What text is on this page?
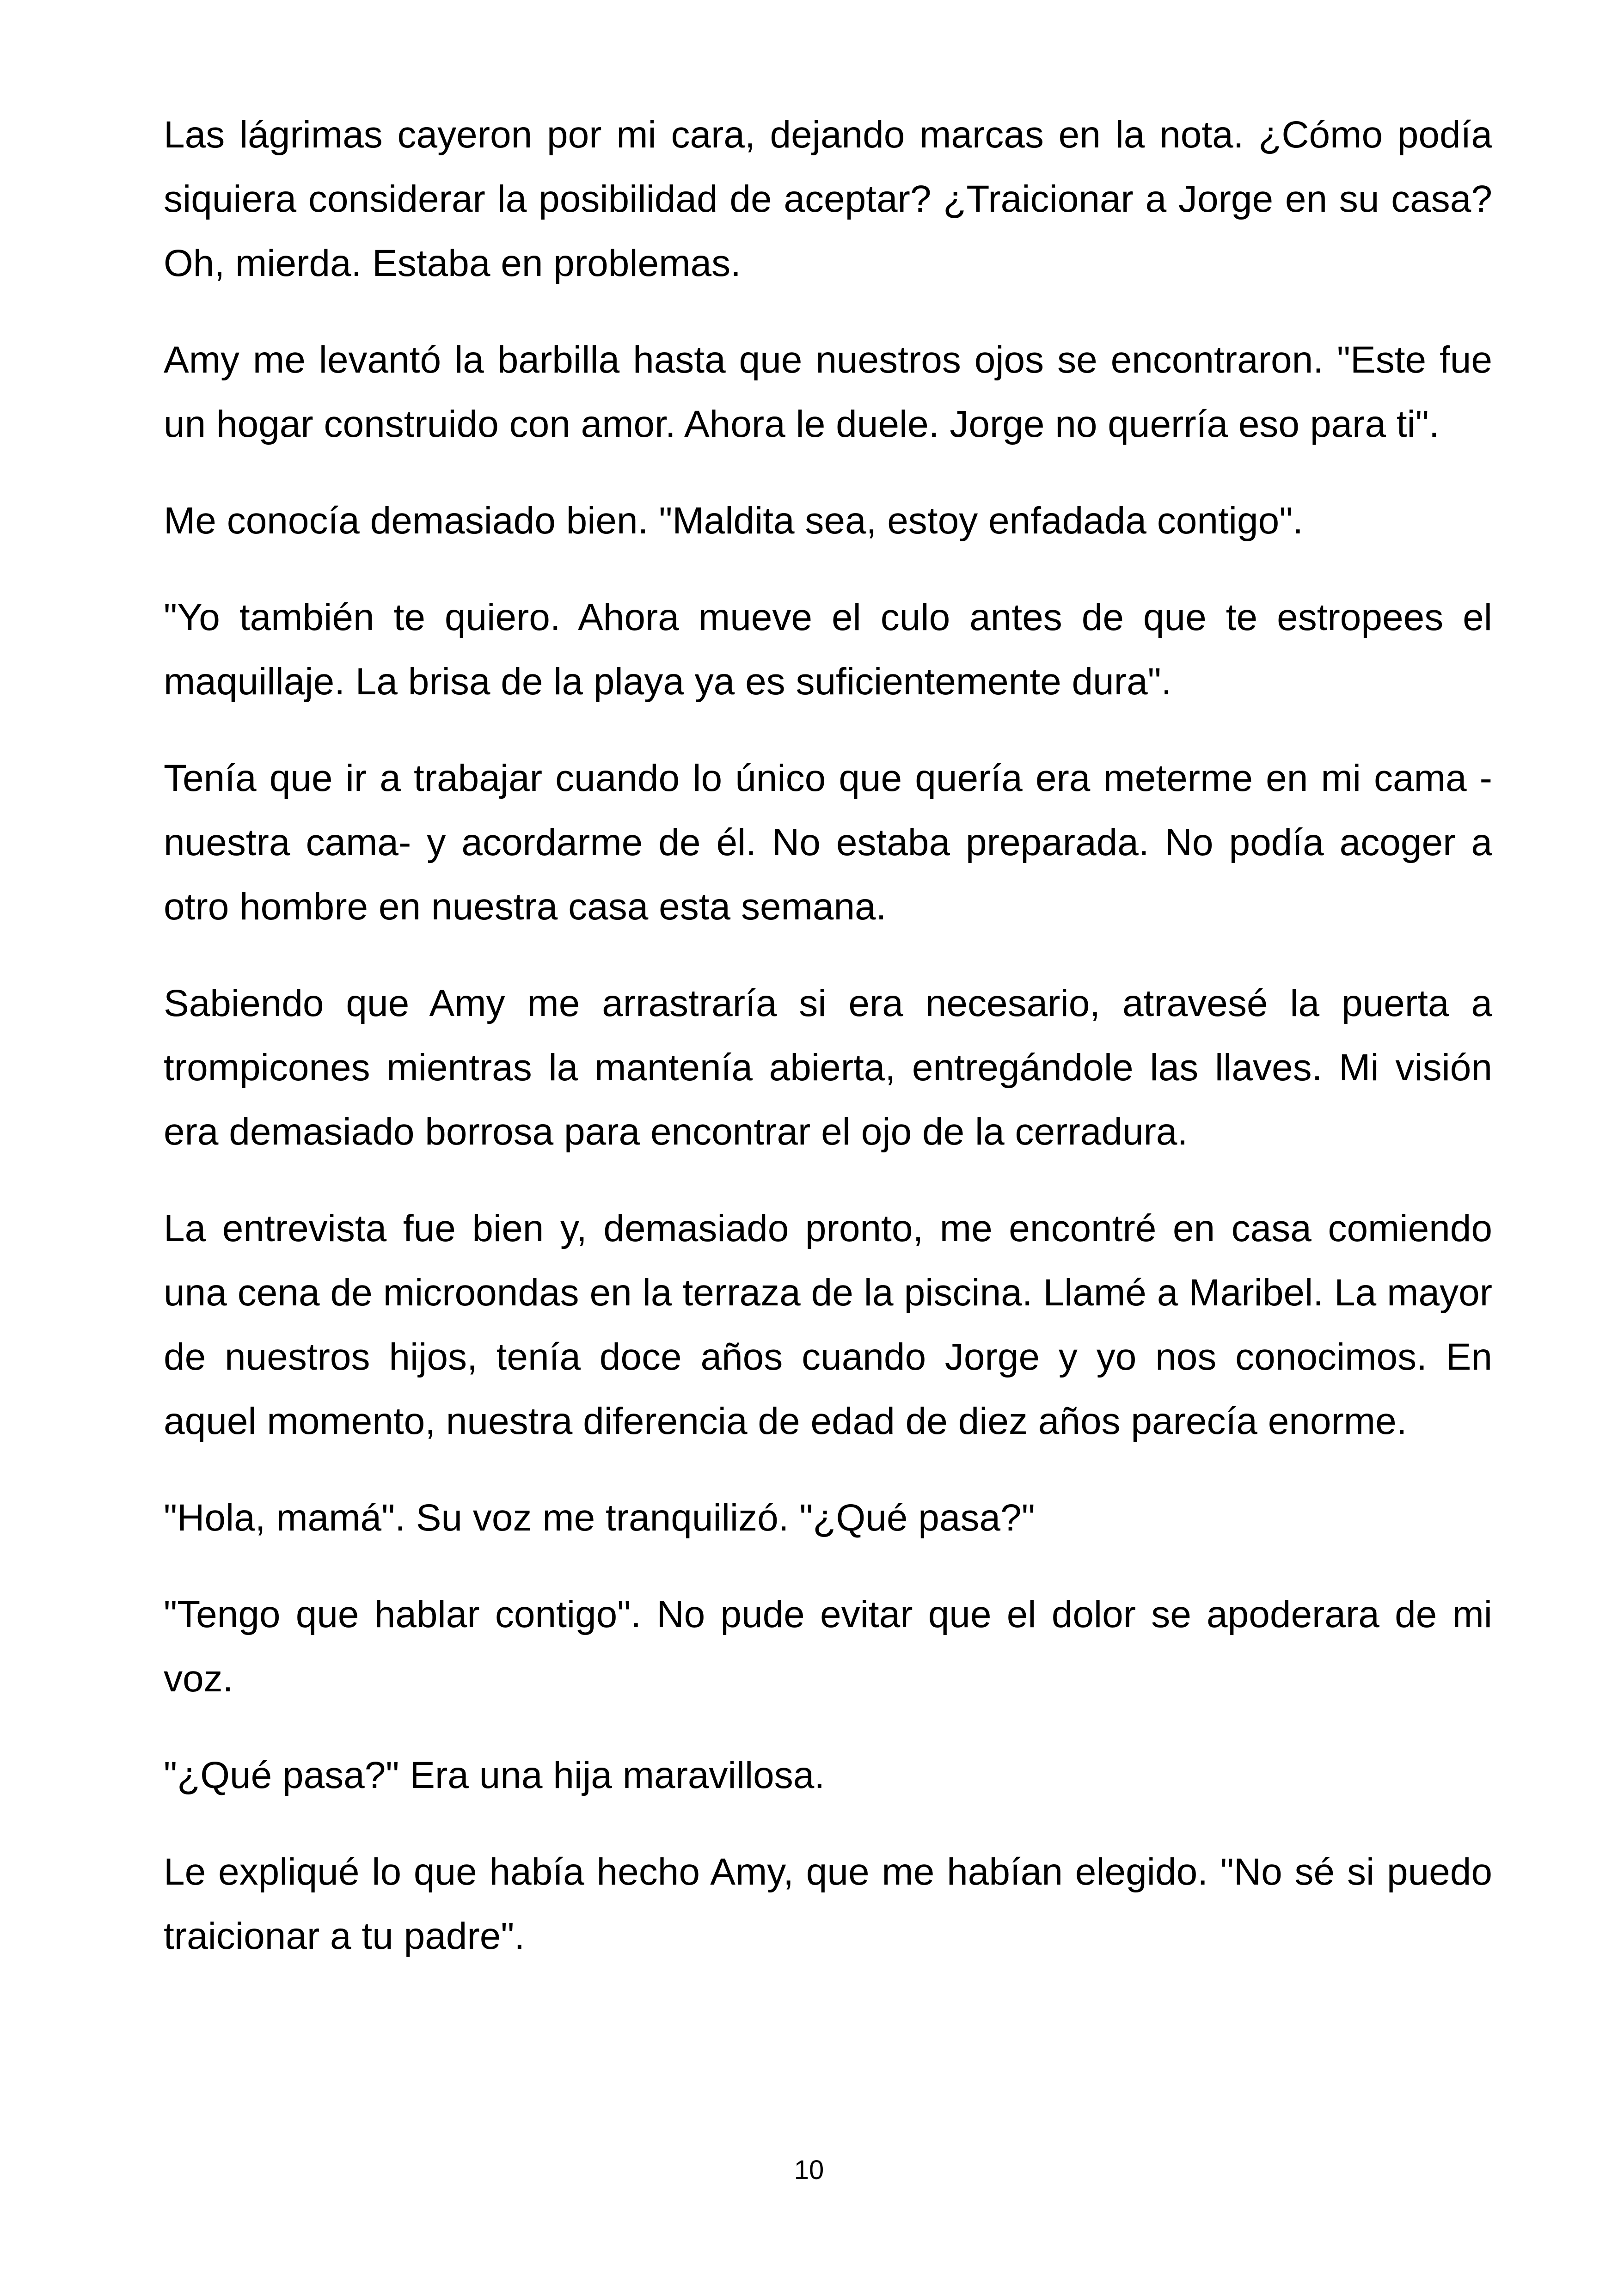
Las lágrimas cayeron por mi cara, dejando marcas en la nota. ¿Cómo podía siquiera considerar la posibilidad de aceptar? ¿Traicionar a Jorge en su casa? Oh, mierda. Estaba en problemas.

Amy me levantó la barbilla hasta que nuestros ojos se encontraron. "Este fue un hogar construido con amor. Ahora le duele. Jorge no querría eso para ti".

Me conocía demasiado bien. "Maldita sea, estoy enfadada contigo".

"Yo también te quiero. Ahora mueve el culo antes de que te estropees el maquillaje. La brisa de la playa ya es suficientemente dura".

Tenía que ir a trabajar cuando lo único que quería era meterme en mi cama -nuestra cama- y acordarme de él. No estaba preparada. No podía acoger a otro hombre en nuestra casa esta semana.

Sabiendo que Amy me arrastraría si era necesario, atravesé la puerta a trompicones mientras la mantenía abierta, entregándole las llaves. Mi visión era demasiado borrosa para encontrar el ojo de la cerradura.

La entrevista fue bien y, demasiado pronto, me encontré en casa comiendo una cena de microondas en la terraza de la piscina. Llamé a Maribel. La mayor de nuestros hijos, tenía doce años cuando Jorge y yo nos conocimos. En aquel momento, nuestra diferencia de edad de diez años parecía enorme.

"Hola, mamá". Su voz me tranquilizó. "¿Qué pasa?"

"Tengo que hablar contigo". No pude evitar que el dolor se apoderara de mi voz.

"¿Qué pasa?" Era una hija maravillosa.

Le expliqué lo que había hecho Amy, que me habían elegido. "No sé si puedo traicionar a tu padre".

10
